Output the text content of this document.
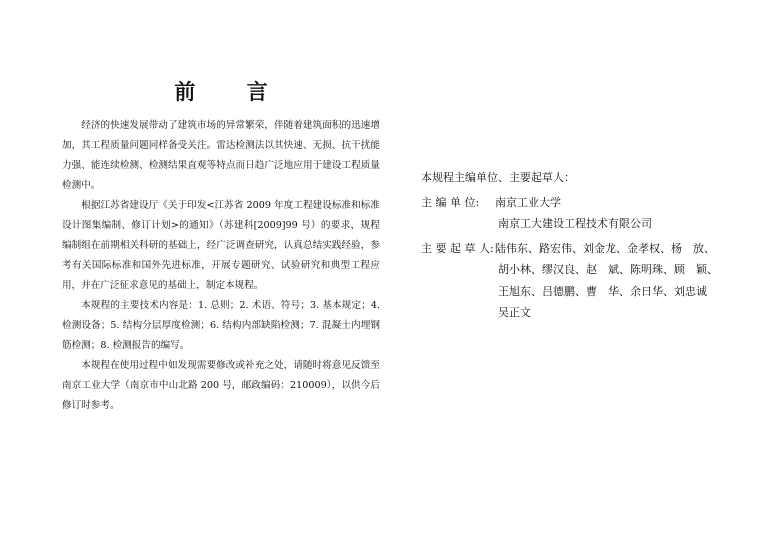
前 言

经济的快速发展带动了建筑市场的异常繁荣，伴随着建筑面积的迅速增加，其工程质量问题同样备受关注。雷达检测法以其快速、无损、抗干扰能力强、能连续检测、检测结果直观等特点而日趋广泛地应用于建设工程质量检测中。

根据江苏省建设厅《关于印发<江苏省 2009 年度工程建设标准和标准设计图集编制、修订计划>的通知》（苏建科[2009]99 号）的要求，规程编制组在前期相关科研的基础上，经广泛调查研究，认真总结实践经验，参考有关国际标准和国外先进标准，开展专题研究、试验研究和典型工程应用，并在广泛征求意见的基础上，制定本规程。

本规程的主要技术内容是：1. 总则；2. 术语、符号；3. 基本规定；4. 检测设备；5. 结构分层厚度检测；6. 结构内部缺陷检测；7. 混凝土内埋钢筋检测；8. 检测报告的编写。

本规程在使用过程中如发现需要修改或补充之处，请随时将意见反馈至南京工业大学（南京市中山北路 200 号，邮政编码：210009），以供今后修订时参考。

本规程主编单位、主要起草人：
主 编 单 位: 南京工业大学
南京工大建设工程技术有限公司
主 要 起 草 人:陆伟东、路宏伟、刘金龙、金孝权、杨　放、
胡小林、缪汉良、赵　斌、陈明珠、顾　颖、
王旭东、吕德鹏、曹　华、余日华、刘忠诚
吴正文
